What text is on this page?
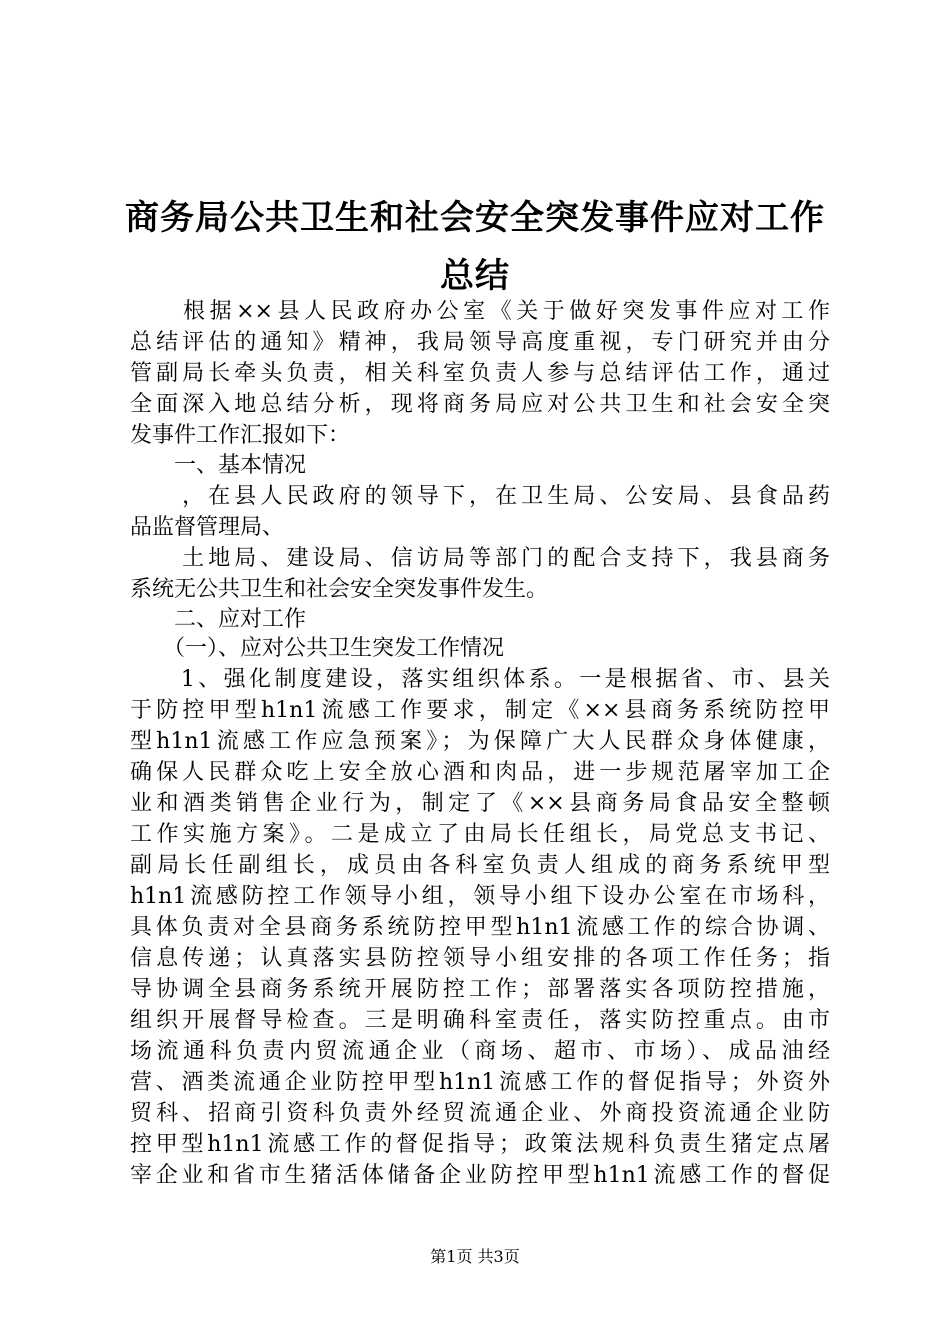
商务局公共卫生和社会安全突发事件应对工作
总结
　　根据××县人民政府办公室《关于做好突发事件应对工作
总结评估的通知》精神，我局领导高度重视，专门研究并由分
管副局长牵头负责，相关科室负责人参与总结评估工作，通过
全面深入地总结分析，现将商务局应对公共卫生和社会安全突
发事件工作汇报如下：
　　一、基本情况
　　，在县人民政府的领导下，在卫生局、公安局、县食品药
品监督管理局、
　　土地局、建设局、信访局等部门的配合支持下，我县商务
系统无公共卫生和社会安全突发事件发生。
　　二、应对工作
　　（一）、应对公共卫生突发工作情况
　　1、强化制度建设，落实组织体系。一是根据省、市、县关
于防控甲型h1n1流感工作要求，制定《××县商务系统防控甲
型h1n1流感工作应急预案》；为保障广大人民群众身体健康，
确保人民群众吃上安全放心酒和肉品，进一步规范屠宰加工企
业和酒类销售企业行为，制定了《××县商务局食品安全整顿
工作实施方案》。二是成立了由局长任组长，局党总支书记、
副局长任副组长，成员由各科室负责人组成的商务系统甲型
h1n1流感防控工作领导小组，领导小组下设办公室在市场科，
具体负责对全县商务系统防控甲型h1n1流感工作的综合协调、
信息传递；认真落实县防控领导小组安排的各项工作任务；指
导协调全县商务系统开展防控工作；部署落实各项防控措施，
组织开展督导检查。三是明确科室责任，落实防控重点。由市
场流通科负责内贸流通企业（商场、超市、市场）、成品油经
营、酒类流通企业防控甲型h1n1流感工作的督促指导；外资外
贸科、招商引资科负责外经贸流通企业、外商投资流通企业防
控甲型h1n1流感工作的督促指导；政策法规科负责生猪定点屠
宰企业和省市生猪活体储备企业防控甲型h1n1流感工作的督促
第1页 共3页
